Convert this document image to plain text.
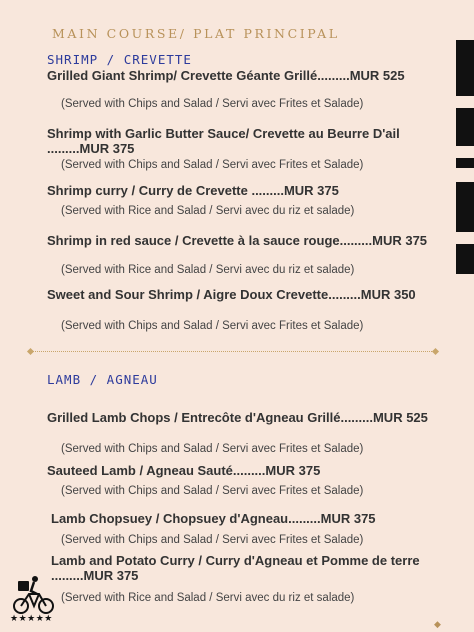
MAIN COURSE/ PLAT PRINCIPAL
SHRIMP / CREVETTE
Grilled Giant Shrimp/ Crevette Géante Grillé.........MUR 525
(Served with Chips and Salad / Servi avec Frites et Salade)
Shrimp with Garlic Butter Sauce/ Crevette au Beurre D'ail .........MUR 375
(Served with Chips and Salad / Servi avec Frites et Salade)
Shrimp curry / Curry de Crevette .........MUR 375
(Served with Rice and Salad / Servi avec du riz et salade)
Shrimp in red sauce / Crevette à la sauce rouge.........MUR 375
(Served with Rice and Salad / Servi avec du riz et salade)
Sweet and Sour Shrimp / Aigre Doux Crevette.........MUR 350
(Served with Chips and Salad / Servi avec Frites et Salade)
LAMB / AGNEAU
Grilled Lamb Chops / Entrecôte d'Agneau Grillé.........MUR 525
(Served with Chips and Salad / Servi avec Frites et Salade)
Sauteed Lamb / Agneau Sauté.........MUR 375
(Served with Chips and Salad / Servi avec Frites et Salade)
Lamb Chopsuey / Chopsuey d'Agneau.........MUR 375
(Served with Chips and Salad / Servi avec Frites et Salade)
Lamb and Potato Curry / Curry d'Agneau et Pomme de terre .........MUR 375
(Served with Rice and Salad / Servi avec du riz et salade)
★★★★★
◆
